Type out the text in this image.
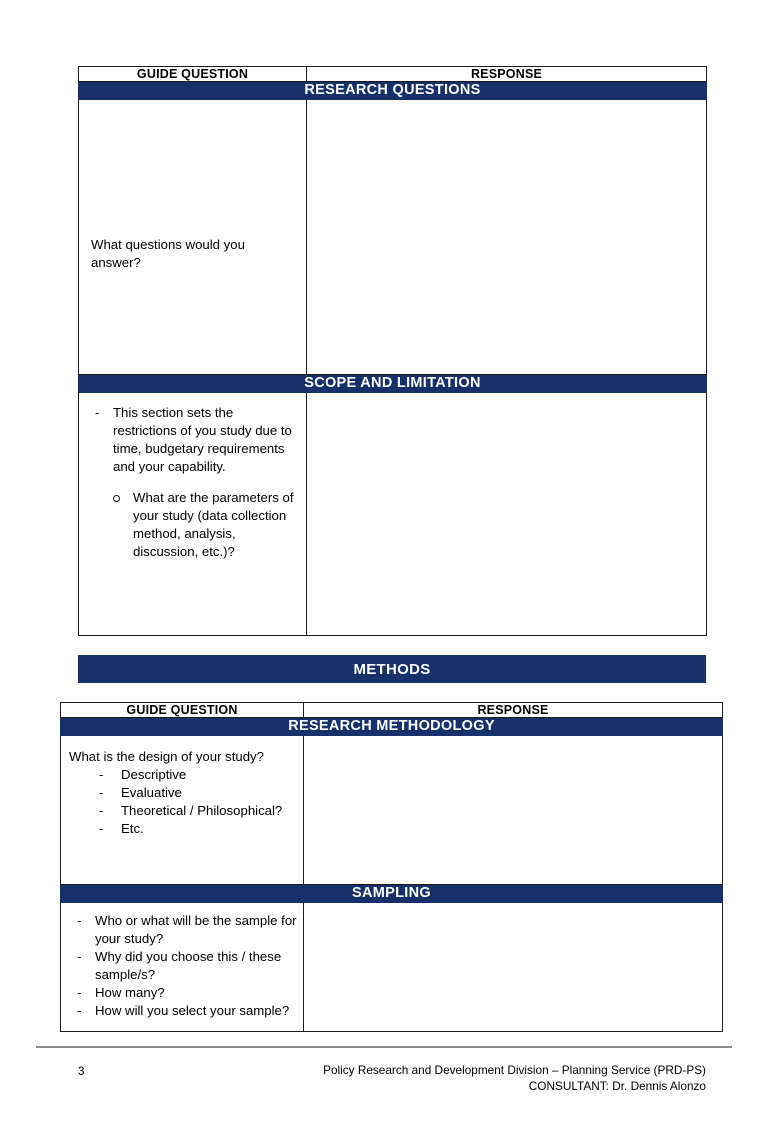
GUIDE QUESTION	RESPONSE
RESEARCH QUESTIONS	

What questions would you answer?	

SCOPE AND LIMITATION	

- This section sets the restrictions of you study due to time, budgetary requirements and your capability.
What are the parameters of your study (data collection method, analysis, discussion, etc.)?

METHODS
GUIDE QUESTION	RESPONSE
RESEARCH METHODOLOGY	

What is the design of your study?
- Descriptive
- Evaluative
- Theoretical / Philosophical?
- Etc.

SAMPLING	

- Who or what will be the sample for your study?
- Why did you choose this / these sample/s?
- How many?
- How will you select your sample?

3	Policy Research and Development Division – Planning Service (PRD-PS)
CONSULTANT: Dr. Dennis Alonzo
